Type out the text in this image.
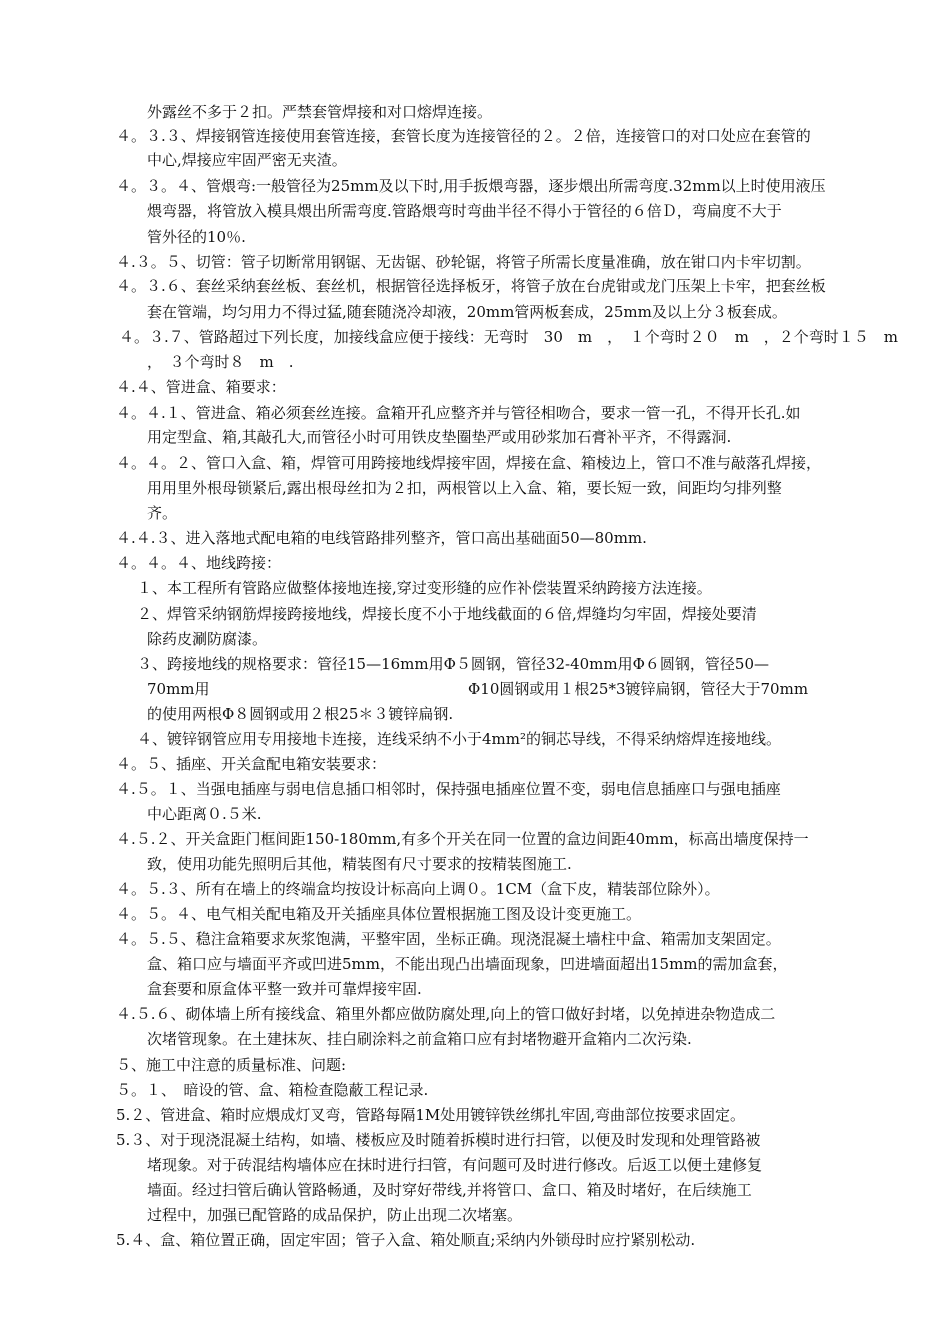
外露丝不多于２扣。严禁套管焊接和对口熔焊连接。
４。３.３、焊接钢管连接使用套管连接，套管长度为连接管径的２。２倍，连接管口的对口处应在套管的
中心,焊接应牢固严密无夹渣。
４。３。４、管煨弯:一般管径为25mm及以下时,用手扳煨弯器，逐步煨出所需弯度.32mm以上时使用液压
煨弯器，将管放入模具煨出所需弯度.管路煨弯时弯曲半径不得小于管径的６倍Ｄ，弯扁度不大于
管外径的10％.
４.３。５、切管：管子切断常用钢锯、无齿锯、砂轮锯，将管子所需长度量准确，放在钳口内卡牢切割。
４。３.６、套丝采纳套丝板、套丝机，根据管径选择板牙，将管子放在台虎钳或龙门压架上卡牢，把套丝板
套在管端，均匀用力不得过猛,随套随浇冷却液，20mm管两板套成，25mm及以上分３板套成。
４。３.７、管路超过下列长度，加接线盒应便于接线：无弯时　30　m　，　１个弯时２０　m　，２个弯时１５　m
，　３个弯时８　m　.
４.４、管进盒、箱要求：
４。４.１、管进盒、箱必须套丝连接。盒箱开孔应整齐并与管径相吻合，要求一管一孔，不得开长孔.如
用定型盒、箱,其敲孔大,而管径小时可用铁皮垫圈垫严或用砂浆加石膏补平齐，不得露洞.
４。４。２、管口入盒、箱，焊管可用跨接地线焊接牢固，焊接在盒、箱棱边上，管口不准与敲落孔焊接，
用用里外根母锁紧后,露出根母丝扣为２扣，两根管以上入盒、箱，要长短一致，间距均匀排列整
齐。
４.４.３、进入落地式配电箱的电线管路排列整齐，管口高出基础面50—80mm.
４。４。４、地线跨接：
１、本工程所有管路应做整体接地连接,穿过变形缝的应作补偿装置采纳跨接方法连接。
２、焊管采纳钢筋焊接跨接地线，焊接长度不小于地线截面的６倍,焊缝均匀牢固，焊接处要清
除药皮涮防腐漆。
３、跨接地线的规格要求：管径15—16mm用Φ５圆钢，管径32-40mm用Φ６圆钢，管径50—
70mm用	Φ10圆钢或用１根25*3镀锌扁钢，管径大于70mm
的使用两根Φ８圆钢或用２根25＊３镀锌扁钢.
４、镀锌钢管应用专用接地卡连接，连线采纳不小于4mm²的铜芯导线，不得采纳熔焊连接地线。
４。５、插座、开关盒配电箱安装要求：
４.５。１、当强电插座与弱电信息插口相邻时，保持强电插座位置不变，弱电信息插座口与强电插座
中心距离０.５米.
４.５.２、开关盒距门框间距150-180mm,有多个开关在同一位置的盒边间距40mm，标高出墙度保持一
致，使用功能先照明后其他，精装图有尺寸要求的按精装图施工.
４。５.３、所有在墙上的终端盒均按设计标高向上调０。1CM（盒下皮，精装部位除外）。
４。５。４、电气相关配电箱及开关插座具体位置根据施工图及设计变更施工。
４。５.５、稳注盒箱要求灰浆饱满，平整牢固，坐标正确。现浇混凝土墙柱中盒、箱需加支架固定。
盒、箱口应与墙面平齐或凹进5mm，不能出现凸出墙面现象，凹进墙面超出15mm的需加盒套，
盒套要和原盒体平整一致并可靠焊接牢固.
４.５.６、砌体墙上所有接线盒、箱里外都应做防腐处理,向上的管口做好封堵，以免掉进杂物造成二
次堵管现象。在土建抹灰、挂白刷涂料之前盒箱口应有封堵物避开盒箱内二次污染.
５、施工中注意的质量标准、问题:
５。１、　暗设的管、盒、箱检查隐蔽工程记录.
5.２、管进盒、箱时应煨成灯叉弯，管路每隔1M处用镀锌铁丝绑扎牢固,弯曲部位按要求固定。
5.３、对于现浇混凝土结构，如墙、楼板应及时随着拆模时进行扫管，以便及时发现和处理管路被
堵现象。对于砖混结构墙体应在抹时进行扫管，有问题可及时进行修改。后返工以便土建修复
墙面。经过扫管后确认管路畅通，及时穿好带线,并将管口、盒口、箱及时堵好，在后续施工
过程中，加强已配管路的成品保护，防止出现二次堵塞。
5.４、盒、箱位置正确，固定牢固；管子入盒、箱处顺直;采纳内外锁母时应拧紧别松动.
